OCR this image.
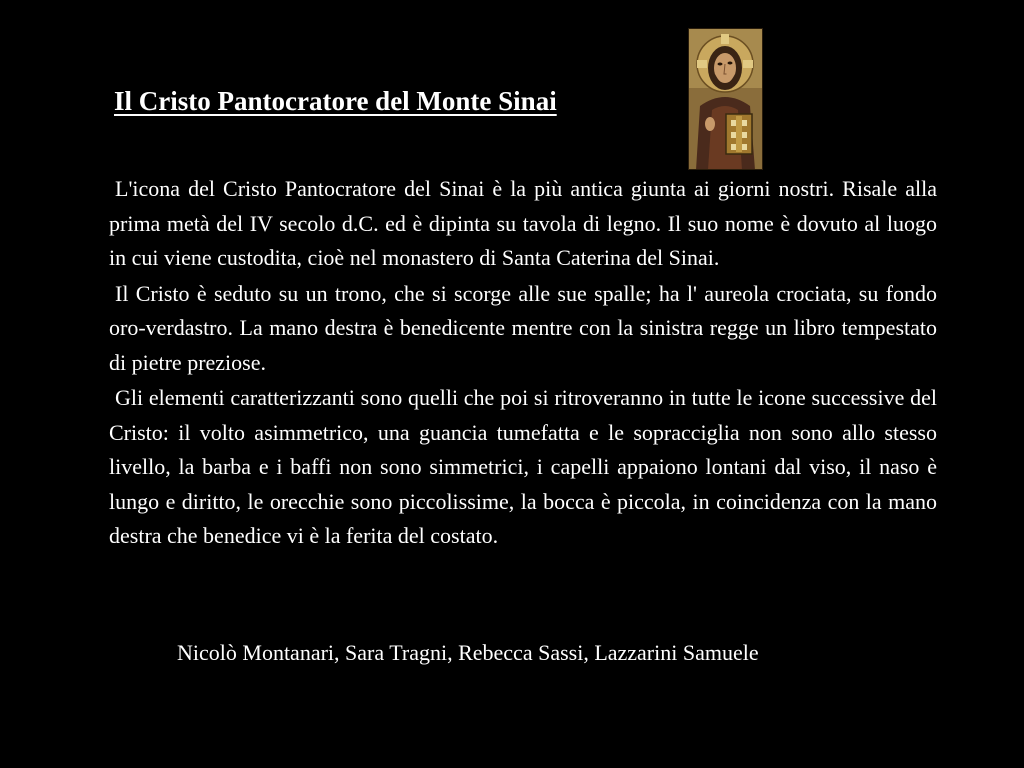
Il Cristo Pantocratore del Monte Sinai

L'icona del Cristo Pantocratore del Sinai è la più antica giunta ai giorni nostri. Risale alla prima metà del IV secolo d.C. ed è dipinta su tavola di legno. Il suo nome è dovuto al luogo in cui viene custodita, cioè nel monastero di Santa Caterina del Sinai.

Il Cristo è seduto su un trono, che si scorge alle sue spalle; ha l' aureola crociata, su fondo oro-verdastro. La mano destra è benedicente mentre con la sinistra regge un libro tempestato di pietre preziose.

Gli elementi caratterizzanti sono quelli che poi si ritroveranno in tutte le icone successive del Cristo: il volto asimmetrico, una guancia tumefatta e le sopracciglia non sono allo stesso livello, la barba e i baffi non sono simmetrici, i capelli appaiono lontani dal viso, il naso è lungo e diritto, le orecchie sono piccolissime, la bocca è piccola, in coincidenza con la mano destra che benedice vi è la ferita del costato.

Nicolò Montanari, Sara Tragni, Rebecca Sassi, Lazzarini Samuele
